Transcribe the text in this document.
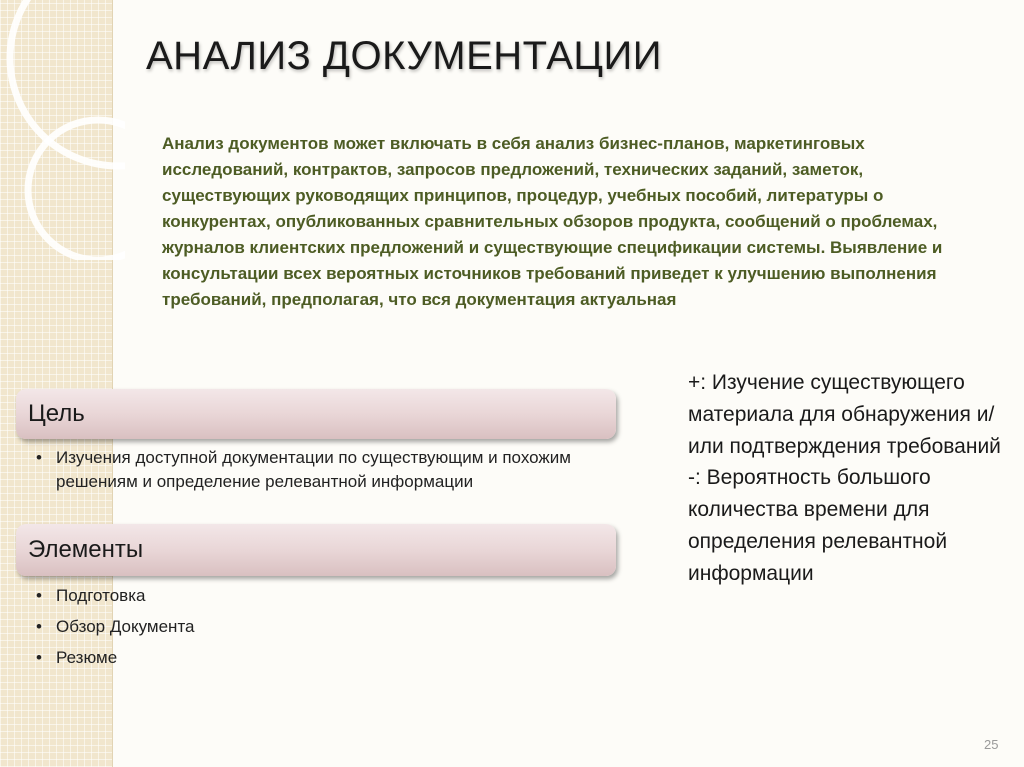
АНАЛИЗ ДОКУМЕНТАЦИИ

Анализ документов может включать в себя анализ бизнес-планов, маркетинговых исследований, контрактов, запросов предложений, технических заданий, заметок, существующих руководящих принципов, процедур, учебных пособий, литературы о конкурентах, опубликованных сравнительных обзоров продукта, сообщений о проблемах, журналов клиентских предложений и существующие спецификации системы. Выявление и консультации всех вероятных источников требований приведет к улучшению выполнения требований, предполагая, что вся документация актуальная

Цель
• Изучения доступной документации по существующим и похожим решениям и определение релевантной информации
Элементы
• Подготовка
• Обзор Документа
• Резюме

+: Изучение существующего материала для обнаружения и/или подтверждения требований

-: Вероятность большого количества времени для определения релевантной информации

25
